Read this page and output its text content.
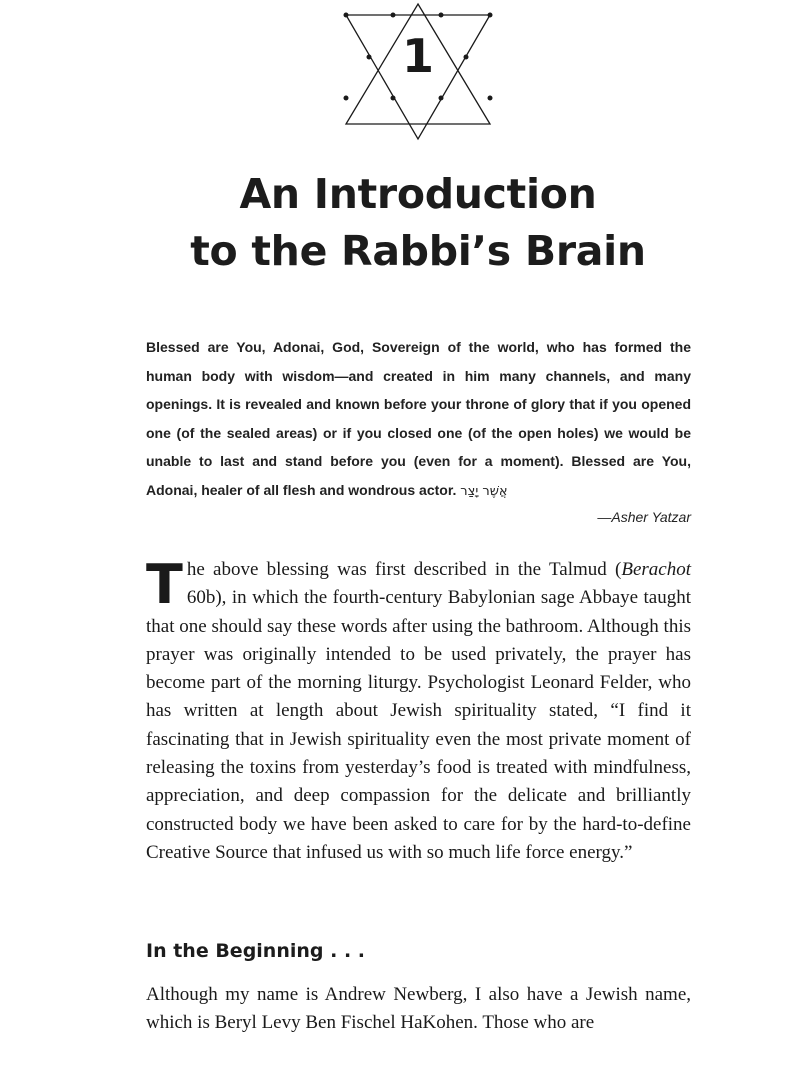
1
An Introduction
to the Rabbi’s Brain
Blessed are You, Adonai, God, Sovereign of the world, who has formed the human body with wisdom—and created in him many channels, and many openings. It is revealed and known before your throne of glory that if you opened one (of the sealed areas) or if you closed one (of the open holes) we would be unable to last and stand before you (even for a moment). Blessed are You, Adonai, healer of all flesh and wondrous actor. אֲשֶׁר יָצַר
—Asher Yatzar
The above blessing was first described in the Talmud (Berachot 60b), in which the fourth-century Babylonian sage Abbaye taught that one should say these words after using the bathroom. Although this prayer was originally intended to be used privately, the prayer has become part of the morning liturgy. Psychologist Leonard Felder, who has written at length about Jewish spirituality stated, “I find it fascinating that in Jewish spirituality even the most private moment of releasing the toxins from yesterday’s food is treated with mindfulness, appreciation, and deep compassion for the delicate and brilliantly constructed body we have been asked to care for by the hard-to-define Creative Source that infused us with so much life force energy.”
In the Beginning . . .
Although my name is Andrew Newberg, I also have a Jewish name, which is Beryl Levy Ben Fischel HaKohen. Those who are
